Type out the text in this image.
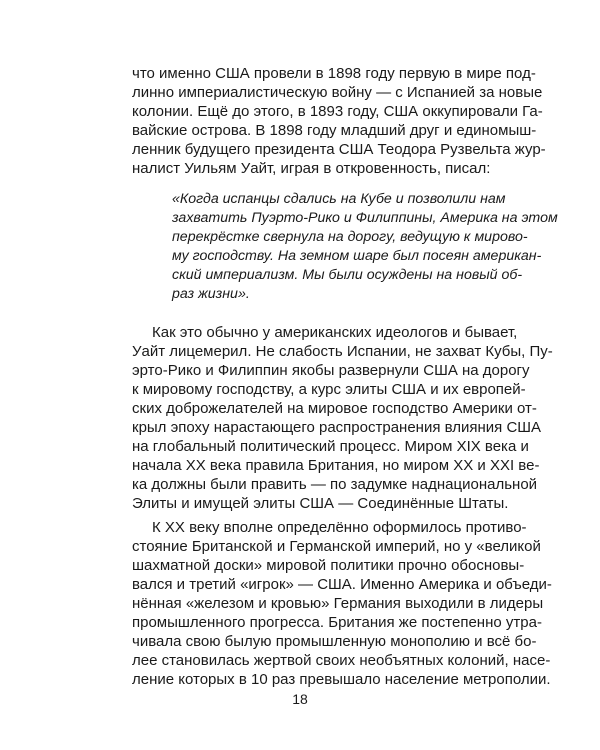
что именно США провели в 1898 году первую в мире под-
линно империалистическую войну — с Испанией за новые
колонии. Ещё до этого, в 1893 году, США оккупировали Га-
вайские острова. В 1898 году младший друг и единомыш-
ленник будущего президента США Теодора Рузвельта жур-
налист Уильям Уайт, играя в откровенность, писал:
«Когда испанцы сдались на Кубе и позволили нам
захватить Пуэрто-Рико и Филиппины, Америка на этом
перекрёстке свернула на дорогу, ведущую к мирово-
му господству. На земном шаре был посеян американ-
ский империализм. Мы были осуждены на новый об-
раз жизни».
Как это обычно у американских идеологов и бывает,
Уайт лицемерил. Не слабость Испании, не захват Кубы, Пу-
эрто-Рико и Филиппин якобы развернули США на дорогу
к мировому господству, а курс элиты США и их европей-
ских доброжелателей на мировое господство Америки от-
крыл эпоху нарастающего распространения влияния США
на глобальный политический процесс. Миром XIX века и
начала XX века правила Британия, но миром XX и XXI ве-
ка должны были править — по задумке наднациональной
Элиты и имущей элиты США — Соединённые Штаты.
К XX веку вполне определённо оформилось противо-
стояние Британской и Германской империй, но у «великой
шахматной доски» мировой политики прочно обосновы-
вался и третий «игрок» — США. Именно Америка и объеди-
нённая «железом и кровью» Германия выходили в лидеры
промышленного прогресса. Британия же постепенно утра-
чивала свою былую промышленную монополию и всё бо-
лее становилась жертвой своих необъятных колоний, насе-
ление которых в 10 раз превышало население метрополии.
18
